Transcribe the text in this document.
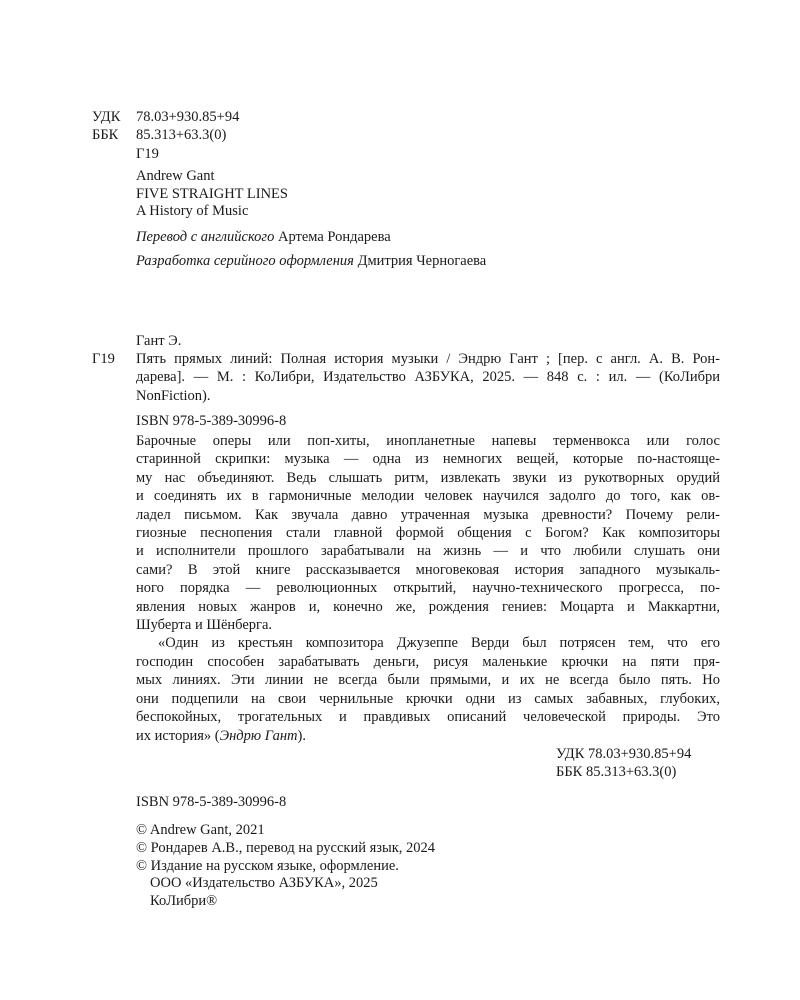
УДК 78.03+930.85+94
ББК 85.313+63.3(0)
Г19
Andrew Gant
FIVE STRAIGHT LINES
A History of Music
Перевод с английского Артема Рондарева
Разработка серийного оформления Дмитрия Черногаева
Гант Э.
Г19 Пять прямых линий: Полная история музыки / Эндрю Гант ; [пер. с англ. А. В. Рон-
дарева]. — М. : КоЛибри, Издательство АЗБУКА, 2025. — 848 с. : ил. — (КоЛибри
NonFiction).
ISBN 978-5-389-30996-8
Барочные оперы или поп-хиты, инопланетные напевы терменвокса или голос
старинной скрипки: музыка — одна из немногих вещей, которые по-настояще-
му нас объединяют. Ведь слышать ритм, извлекать звуки из рукотворных орудий
и соединять их в гармоничные мелодии человек научился задолго до того, как ов-
ладел письмом. Как звучала давно утраченная музыка древности? Почему рели-
гиозные песнопения стали главной формой общения с Богом? Как композиторы
и исполнители прошлого зарабатывали на жизнь — и что любили слушать они
сами? В этой книге рассказывается многовековая история западного музыкаль-
ного порядка — революционных открытий, научно-технического прогресса, по-
явления новых жанров и, конечно же, рождения гениев: Моцарта и Маккартни,
Шуберта и Шёнберга.
«Один из крестьян композитора Джузеппе Верди был потрясен тем, что его
господин способен зарабатывать деньги, рисуя маленькие крючки на пяти пря-
мых линиях. Эти линии не всегда были прямыми, и их не всегда было пять. Но
они подцепили на свои чернильные крючки одни из самых забавных, глубоких,
беспокойных, трогательных и правдивых описаний человеческой природы. Это
их история» (Эндрю Гант).
УДК 78.03+930.85+94
ББК 85.313+63.3(0)
ISBN 978-5-389-30996-8
© Andrew Gant, 2021
© Рондарев А.В., перевод на русский язык, 2024
© Издание на русском языке, оформление.
ООО «Издательство АЗБУКА», 2025
КоЛибри®
